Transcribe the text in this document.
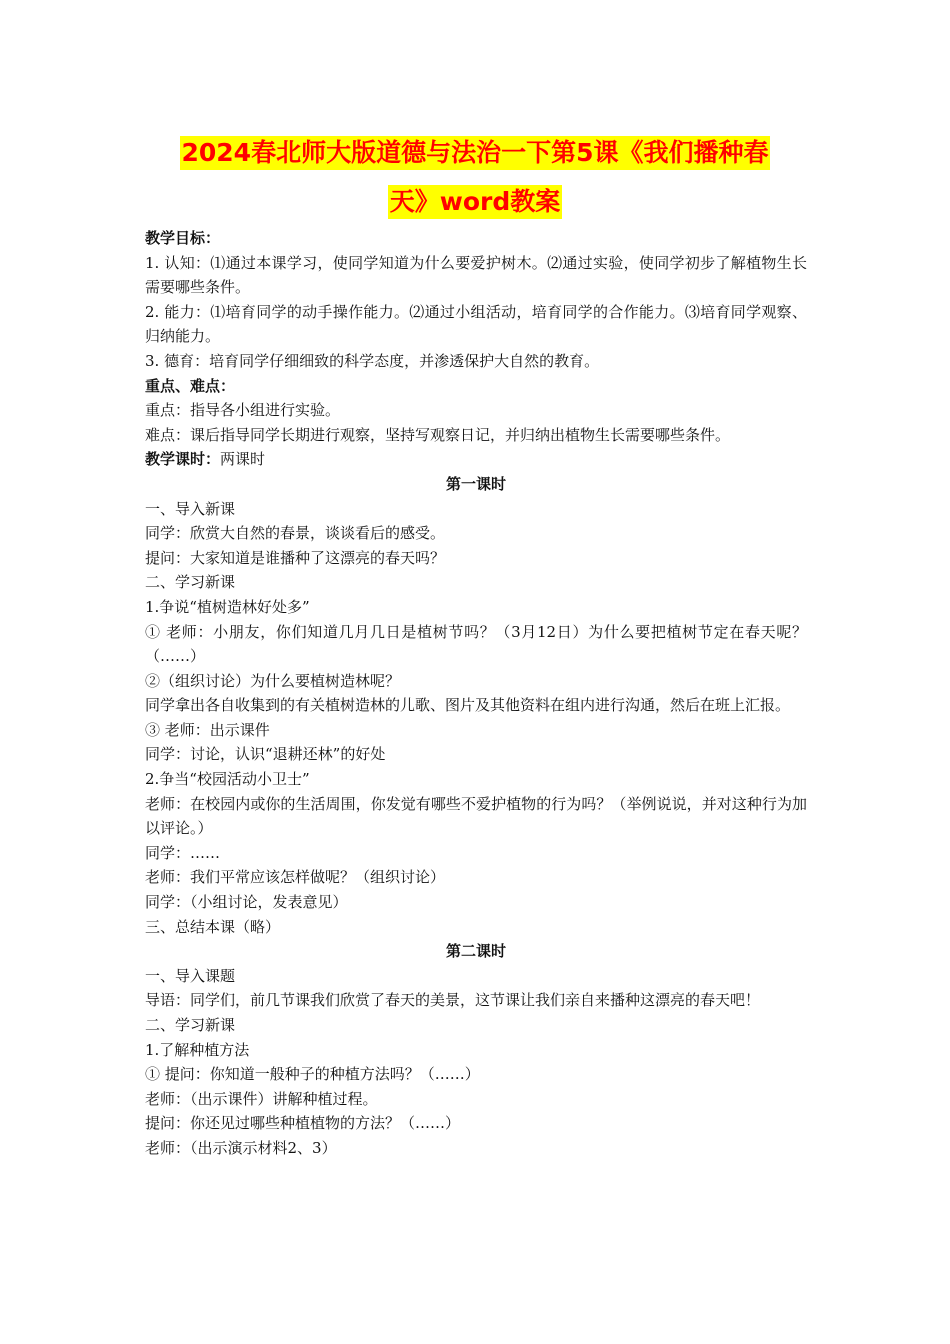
2024春北师大版道德与法治一下第5课《我们播种春
天》word教案

教学目标：

1. 认知：⑴通过本课学习，使同学知道为什么要爱护树木。⑵通过实验，使同学初步了解植物生长需要哪些条件。

2. 能力：⑴培育同学的动手操作能力。⑵通过小组活动，培育同学的合作能力。⑶培育同学观察、归纳能力。

3. 德育：培育同学仔细细致的科学态度，并渗透保护大自然的教育。

重点、难点：

重点：指导各小组进行实验。

难点：课后指导同学长期进行观察，坚持写观察日记，并归纳出植物生长需要哪些条件。

教学课时：两课时

第一课时

一、导入新课

同学：欣赏大自然的春景，谈谈看后的感受。

提问：大家知道是谁播种了这漂亮的春天吗？

二、学习新课

1.争说“植树造林好处多”

① 老师：小朋友，你们知道几月几日是植树节吗？（3月12日）为什么要把植树节定在春天呢？（……）

②（组织讨论）为什么要植树造林呢？

同学拿出各自收集到的有关植树造林的儿歌、图片及其他资料在组内进行沟通，然后在班上汇报。

③ 老师：出示课件

同学：讨论，认识“退耕还林”的好处

2.争当“校园活动小卫士”

老师：在校园内或你的生活周围，你发觉有哪些不爱护植物的行为吗？（举例说说，并对这种行为加以评论。）

同学：……

老师：我们平常应该怎样做呢？（组织讨论）

同学：（小组讨论，发表意见）

三、总结本课（略）

第二课时

一、导入课题

导语：同学们，前几节课我们欣赏了春天的美景，这节课让我们亲自来播种这漂亮的春天吧！

二、学习新课

1.了解种植方法

① 提问：你知道一般种子的种植方法吗？（……）

老师：（出示课件）讲解种植过程。

提问：你还见过哪些种植植物的方法？（……）

老师：（出示演示材料2、3）
